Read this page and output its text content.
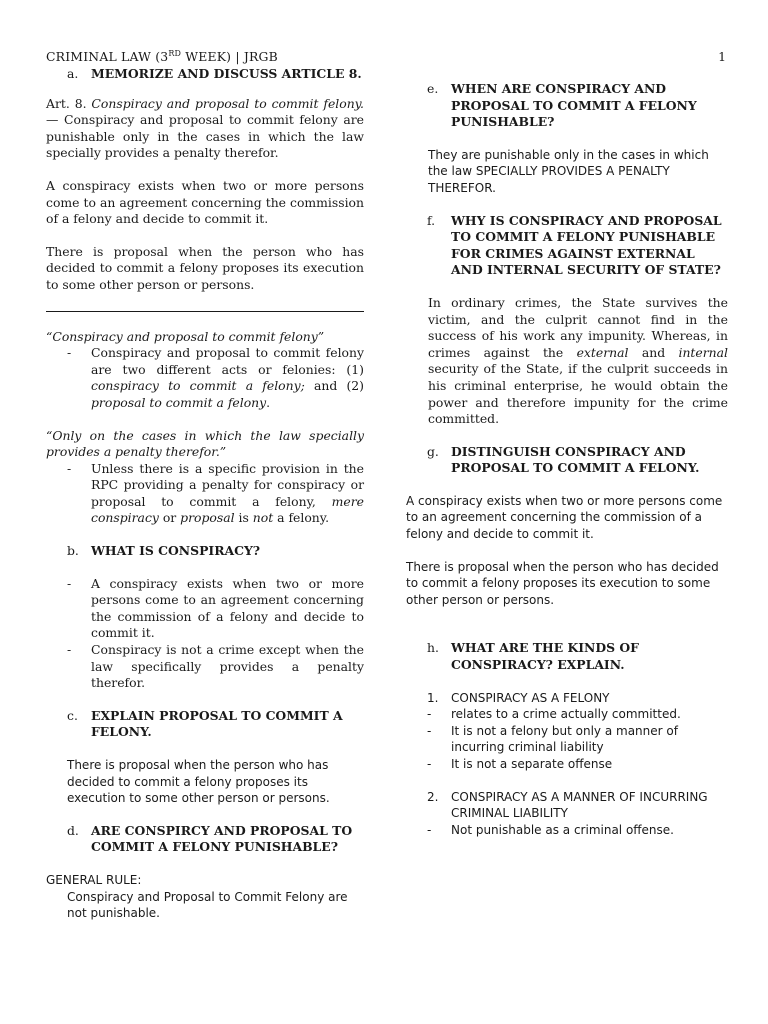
CRIMINAL LAW (3RD WEEK) | JRGB	1
a.	MEMORIZE AND DISCUSS ARTICLE 8.

Art. 8. Conspiracy and proposal to commit felony. — Conspiracy and proposal to commit felony are punishable only in the cases in which the law specially provides a penalty therefor.

A conspiracy exists when two or more persons come to an agreement concerning the commission of a felony and decide to commit it.

There is proposal when the person who has decided to commit a felony proposes its execution to some other person or persons.

“Conspiracy and proposal to commit felony”

-	Conspiracy and proposal to commit felony are two different acts or felonies: (1) conspiracy to commit a felony; and (2) proposal to commit a felony.

“Only on the cases in which the law specially provides a penalty therefor.”

-	Unless there is a specific provision in the RPC providing a penalty for conspiracy or proposal to commit a felony, mere conspiracy or proposal is not a felony.
b. WHAT IS CONSPIRACY?
-	A conspiracy exists when two or more persons come to an agreement concerning the commission of a felony and decide to commit it.
-	Conspiracy is not a crime except when the law specifically provides a penalty therefor.
c.	EXPLAIN PROPOSAL TO COMMIT A FELONY.

There is proposal when the person who has decided to commit a felony proposes its execution to some other person or persons.

d. ARE CONSPIRCY AND PROPOSAL TO COMMIT A FELONY PUNISHABLE?

GENERAL RULE:

Conspiracy and Proposal to Commit Felony are not punishable.

e.	WHEN ARE CONSPIRACY AND PROPOSAL TO COMMIT A FELONY PUNISHABLE?

They are punishable only in the cases in which the law SPECIALLY PROVIDES A PENALTY THEREFOR.

f.	WHY IS CONSPIRACY AND PROPOSAL TO COMMIT A FELONY PUNISHABLE FOR CRIMES AGAINST EXTERNAL AND INTERNAL SECURITY OF STATE?

In ordinary crimes, the State survives the victim, and the culprit cannot find in the success of his work any impunity. Whereas, in crimes against the external and internal security of the State, if the culprit succeeds in his criminal enterprise, he would obtain the power and therefore impunity for the crime committed.

g. DISTINGUISH CONSPIRACY AND PROPOSAL TO COMMIT A FELONY.

A conspiracy exists when two or more persons come to an agreement concerning the commission of a felony and decide to commit it.

There is proposal when the person who has decided to commit a felony proposes its execution to some other person or persons.

h. WHAT ARE THE KINDS OF CONSPIRACY? EXPLAIN.
1.	CONSPIRACY AS A FELONY
-	relates to a crime actually committed.
-	It is not a felony but only a manner of incurring criminal liability
-	It is not a separate offense
2.	CONSPIRACY AS A MANNER OF INCURRING CRIMINAL LIABILITY
-	Not punishable as a criminal offense.
